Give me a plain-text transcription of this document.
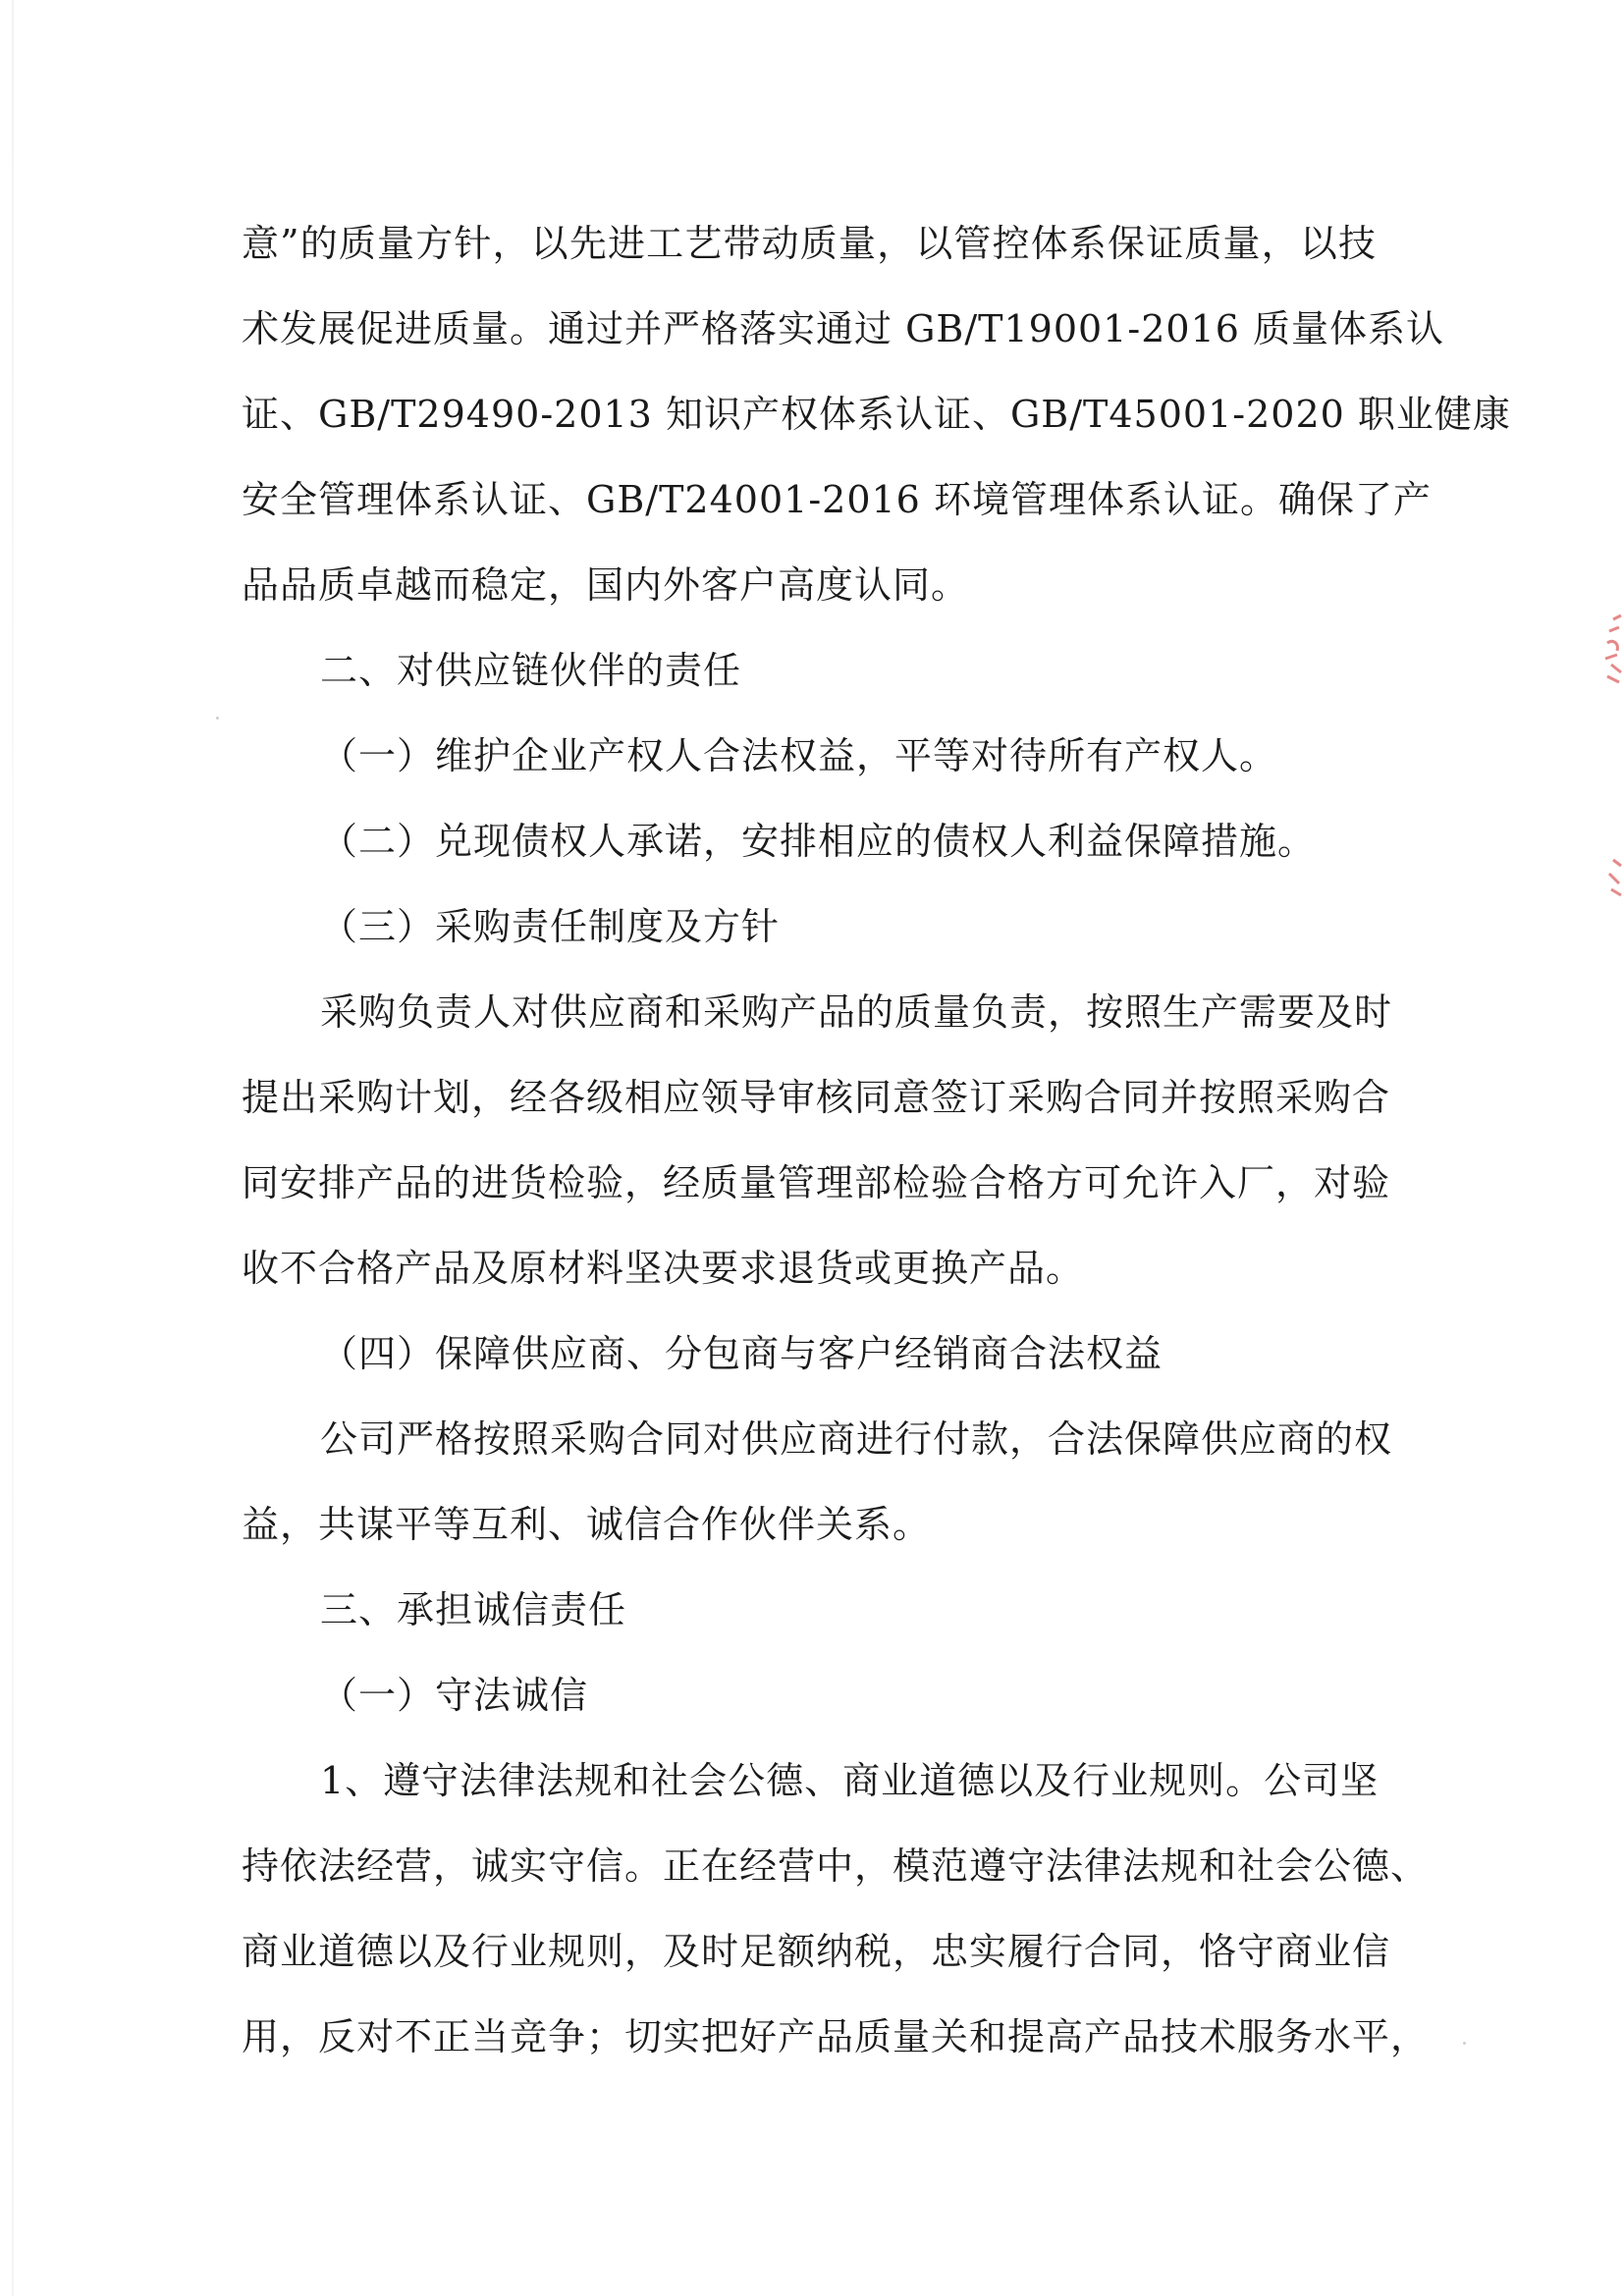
意”的质量方针，以先进工艺带动质量，以管控体系保证质量，以技
术发展促进质量。通过并严格落实通过 GB/T19001-2016 质量体系认
证、GB/T29490-2013 知识产权体系认证、GB/T45001-2020 职业健康
安全管理体系认证、GB/T24001-2016 环境管理体系认证。确保了产
品品质卓越而稳定，国内外客户高度认同。
二、对供应链伙伴的责任
（一）维护企业产权人合法权益，平等对待所有产权人。
（二）兑现债权人承诺，安排相应的债权人利益保障措施。
（三）采购责任制度及方针
采购负责人对供应商和采购产品的质量负责，按照生产需要及时
提出采购计划，经各级相应领导审核同意签订采购合同并按照采购合
同安排产品的进货检验，经质量管理部检验合格方可允许入厂，对验
收不合格产品及原材料坚决要求退货或更换产品。
（四）保障供应商、分包商与客户经销商合法权益
公司严格按照采购合同对供应商进行付款，合法保障供应商的权
益，共谋平等互利、诚信合作伙伴关系。
三、承担诚信责任
（一）守法诚信
1、遵守法律法规和社会公德、商业道德以及行业规则。公司坚
持依法经营，诚实守信。正在经营中，模范遵守法律法规和社会公德、
商业道德以及行业规则，及时足额纳税，忠实履行合同，恪守商业信
用，反对不正当竞争；切实把好产品质量关和提高产品技术服务水平，
